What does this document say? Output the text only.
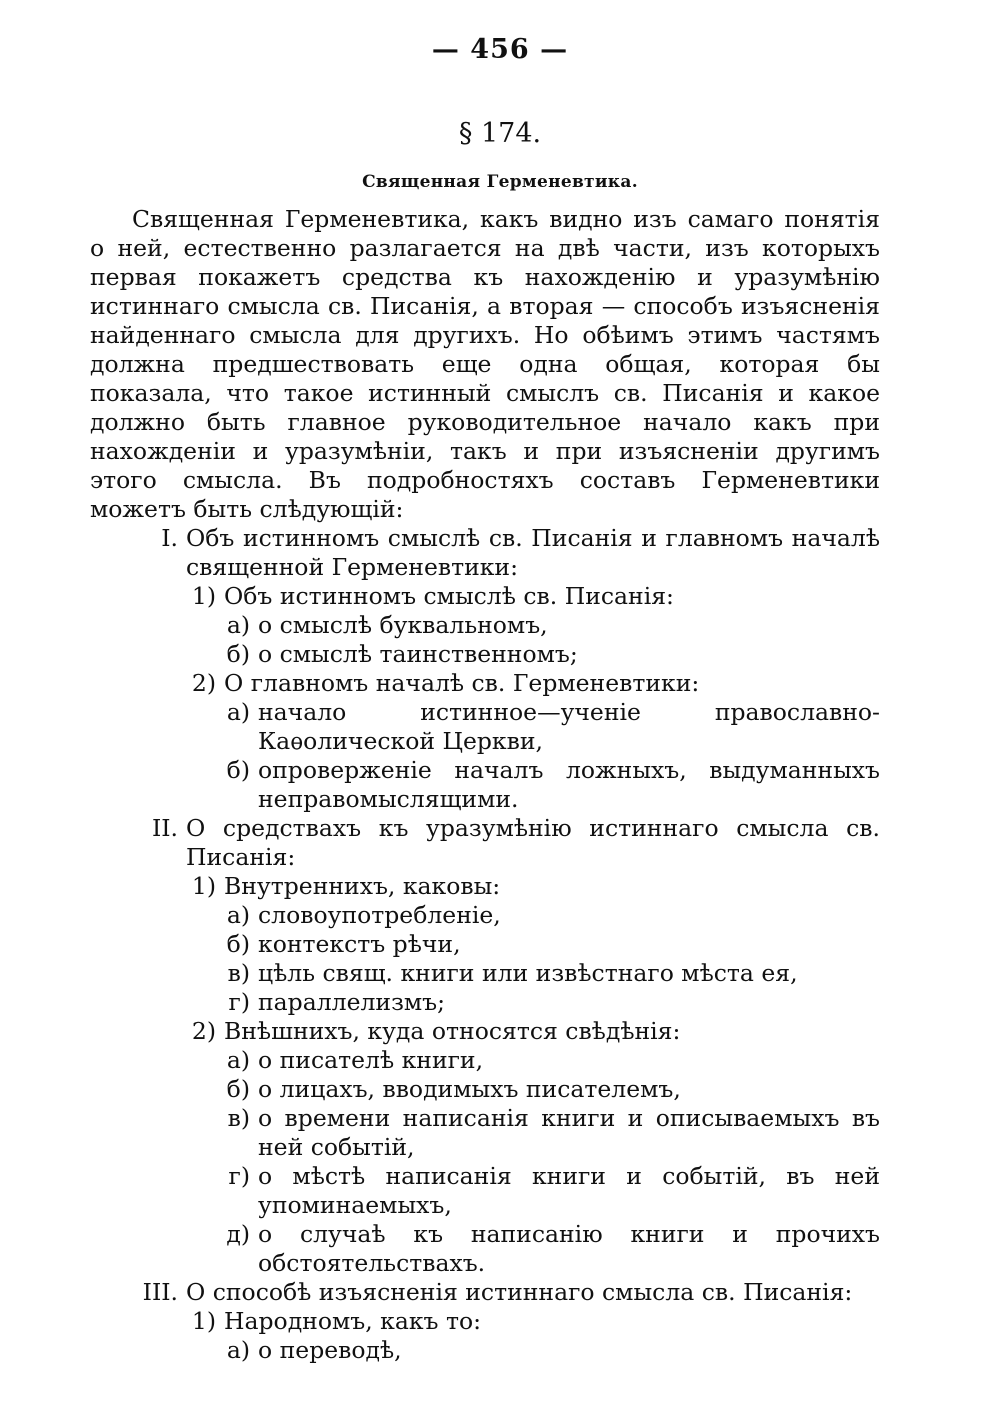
— 456 —
§ 174.
Священная Герменевтика.

Священная Герменевтика, какъ видно изъ самаго понятія о ней, естественно разлагается на двѣ части, изъ которыхъ первая покажетъ средства къ нахожденію и уразумѣнію истиннаго смысла св. Писанія, а вторая — способъ изъясненія найденнаго смысла для другихъ. Но обѣимъ этимъ частямъ должна предшествовать еще одна общая, которая бы показала, что такое истинный смыслъ св. Писанія и какое должно быть главное руководительное начало какъ при нахожденіи и уразумѣніи, такъ и при изъясненіи другимъ этого смысла. Въ подробностяхъ составъ Герменевтики можетъ быть слѣдующій:

I. Объ истинномъ смыслѣ св. Писанія и главномъ началѣ священной Герменевтики:
1) Объ истинномъ смыслѣ св. Писанія:
а) о смыслѣ буквальномъ,
б) о смыслѣ таинственномъ;
2) О главномъ началѣ св. Герменевтики:
а) начало истинное—ученіе православно-Каѳолической Церкви,
б) опроверженіе началъ ложныхъ, выдуманныхъ неправомыслящими.
II. О средствахъ къ уразумѣнію истиннаго смысла св. Писанія:
1) Внутреннихъ, каковы:
а) словоупотребленіе,
б) контекстъ рѣчи,
в) цѣль свящ. книги или извѣстнаго мѣста ея,
г) параллелизмъ;
2) Внѣшнихъ, куда относятся свѣдѣнія:
а) о писателѣ книги,
б) о лицахъ, вводимыхъ писателемъ,
в) о времени написанія книги и описываемыхъ въ ней событій,
г) о мѣстѣ написанія книги и событій, въ ней упоминаемыхъ,
д) о случаѣ къ написанію книги и прочихъ обстоятельствахъ.
III. О способѣ изъясненія истиннаго смысла св. Писанія:
1) Народномъ, какъ то:
а) о переводѣ,
